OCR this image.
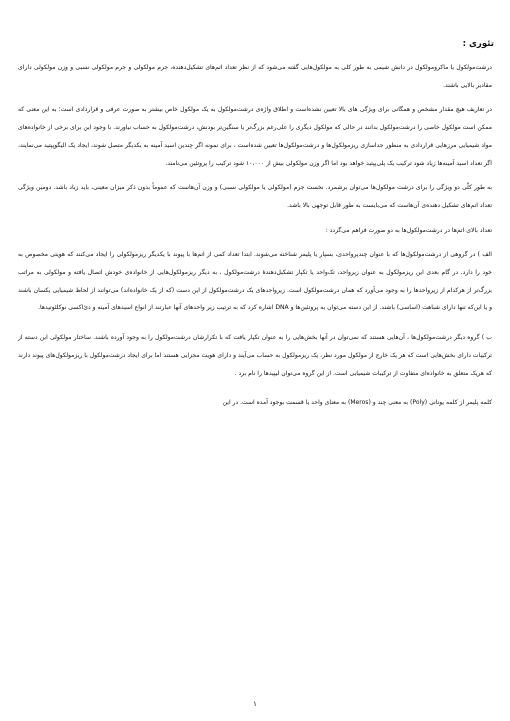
تئوری :

درشت‌مولکول یا ماکرومولکول در دانش شیمی به طور کلی به مولکول‌هایی گفته می‌شود که از نظر تعداد اتم‌های تشکیل‌دهنده، جرم مولکولی و جرم مولکولی نسبی و وزن مولکولی دارای مقادیر بالایی باشند.

در تعاریف هیچ مقدار مشخص و همگانی برای ویژگی های بالا تعیین نشده‌است و اطلاق واژه‌ی درشت‌مولکول به یک مولکول خاص بیشتر به صورت عرفی و قراردادی است؛ به این معنی که ممکن است مولکول خاصی را درشت‌مولکول بدانند در حالی که مولکول دیگری را علی‌رغم بزرگ‌تر یا سنگین‌تر بودنش، درشت‌مولکول به حساب نیاورند. با وجود این برای برخی از خانواده‌های مواد شیمیایی مرزهایی قراردادی به منظور جداسازی ریزمولکول‌ها و درشت‌مولکول‌ها تعیین شده‌است ، برای نمونه اگر چندین اسید آمینه به یکدیگر متصل شوند، ایجاد یک الیگوپپتید می‌نمایند، اگر تعداد اسید آمینه‌ها زیاد شود ترکیب یک پلی‌پپتید خواهد بود اما اگر وزن مولکولی بیش از ۱۰،۰۰۰ شود ترکیب را پروتئین می‌نامند.

به طور کلّی دو ویژگی را برای درشت مولکول‌ها می‌توان برشمرد. نخست جرم (مولکولی یا مولکولی نسبی) و وزن آن‌هاست که عموماً بدون ذکر میزان معینی، باید زیاد باشد. دومین ویژگی تعداد اتم‌های تشکیل دهنده‌ی آن‌هاست که می‌بایست به طور قابل توجهی بالا باشد.

تعداد بالای اتم‌ها در درشت‌مولکول‌ها به دو صورت فراهم می‌گردد :

الف ) در گروهی از درشت‌مولکول‌ها که با عنوان چندپرواحدی، بسپار یا پلیمر شناخته می‌شوند. ابتدا تعداد کمی از اتم‌ها با پیوند با یکدیگر ریزمولکولی را ایجاد می‌کنند که هویتی مخصوص به خود را دارد. در گام بعدی این ریزمولکول به عنوان زیرواحد، تک‌واحد یا تکپار تشکیل‌دهندهٔ درشت‌مولکول ، به دیگر ریزمولکول‌هایی از خانواده‌ی خودش اتصال یافته و مولکولی به مراتب بزرگ‌تر از هرکدام از زیرواحدها را به وجود می‌آورد که همان درشت‌مولکول است. زیرواحدهای یک درشت‌مولکول از این دست (که از یک خانواده‌اند) می‌توانند از لحاظ شیمیایی یکسان باشند و یا این‌که تنها دارای شباهت (اساسی) باشند. از این دسته می‌توان به پروتئین‌ها و DNA اشاره کرد که به ترتیب زیر واحدهای آنها عبارتند از انواع اسیدهای آمینه و دئ‌اکسی نوکلئوتیدها.

ب ) گروه دیگر درشت‌مولکول‌ها ، آن‌هایی هستند که نمی‌توان در آنها بخش‌هایی را به عنوان تکپار یافت که با تکرارشان درشت‌مولکول را به وجود آورده باشند. ساختار مولکولی این دسته از ترکیبات دارای بخش‌هایی است که هر یک خارج از مولکول مورد نظر، یک ریزمولکول به حساب می‌آیند و دارای هویت مجزایی هستند اما برای ایجاد درشت‌مولکول با ریزمولکول‌های پیوند دارند که هریک متعلق به خانواده‌ای متفاوت از ترکیبات شیمیایی است. از این گروه می‌توان لیپیدها را نام برد .

کلمه پلیمر از کلمه یونانی (Poly) به معنی چند و (Meros) به معنای واحد یا قسمت بوجود آمده است. در این

۱
